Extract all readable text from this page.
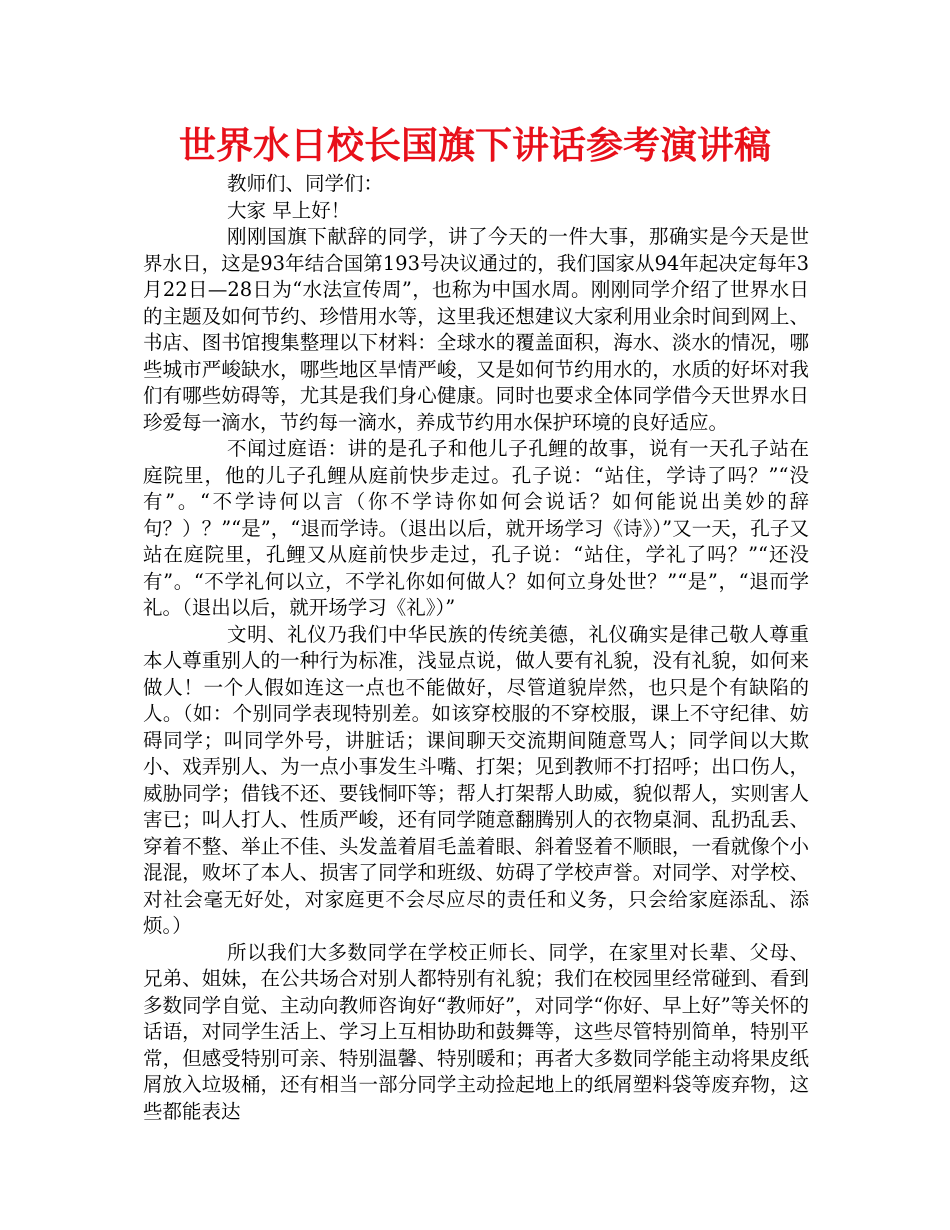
世界水日校长国旗下讲话参考演讲稿

教师们、同学们：

大家 早上好！

刚刚国旗下献辞的同学，讲了今天的一件大事，那确实是今天是世界水日，这是93年结合国第193号决议通过的，我们国家从94年起决定每年3月22日—28日为“水法宣传周”，也称为中国水周。刚刚同学介绍了世界水日的主题及如何节约、珍惜用水等，这里我还想建议大家利用业余时间到网上、书店、图书馆搜集整理以下材料：全球水的覆盖面积，海水、淡水的情况，哪些城市严峻缺水，哪些地区旱情严峻，又是如何节约用水的，水质的好坏对我们有哪些妨碍等，尤其是我们身心健康。同时也要求全体同学借今天世界水日珍爱每一滴水，节约每一滴水，养成节约用水保护环境的良好适应。

不闻过庭语：讲的是孔子和他儿子孔鲤的故事，说有一天孔子站在庭院里，他的儿子孔鲤从庭前快步走过。孔子说：“站住，学诗了吗？”“没有”。“不学诗何以言（你不学诗你如何会说话？如何能说出美妙的辞句？）？”“是”，“退而学诗。（退出以后，就开场学习《诗》）”又一天，孔子又站在庭院里，孔鲤又从庭前快步走过，孔子说：“站住，学礼了吗？”“还没有”。“不学礼何以立，不学礼你如何做人？如何立身处世？”“是”，“退而学礼。（退出以后，就开场学习《礼》）”

文明、礼仪乃我们中华民族的传统美德，礼仪确实是律己敬人尊重本人尊重别人的一种行为标准，浅显点说，做人要有礼貌，没有礼貌，如何来做人！一个人假如连这一点也不能做好，尽管道貌岸然，也只是个有缺陷的人。（如：个别同学表现特别差。如该穿校服的不穿校服，课上不守纪律、妨碍同学；叫同学外号，讲脏话；课间聊天交流期间随意骂人；同学间以大欺小、戏弄别人、为一点小事发生斗嘴、打架；见到教师不打招呼；出口伤人，威胁同学；借钱不还、要钱恫吓等；帮人打架帮人助威，貌似帮人，实则害人害已；叫人打人、性质严峻，还有同学随意翻腾别人的衣物桌洞、乱扔乱丢、穿着不整、举止不佳、头发盖着眉毛盖着眼、斜着竖着不顺眼，一看就像个小混混，败坏了本人、损害了同学和班级、妨碍了学校声誉。对同学、对学校、对社会毫无好处，对家庭更不会尽应尽的责任和义务，只会给家庭添乱、添烦。）

所以我们大多数同学在学校正师长、同学，在家里对长辈、父母、兄弟、姐妹，在公共场合对别人都特别有礼貌；我们在校园里经常碰到、看到多数同学自觉、主动向教师咨询好“教师好”，对同学“你好、早上好”等关怀的话语，对同学生活上、学习上互相协助和鼓舞等，这些尽管特别简单，特别平常，但感受特别可亲、特别温馨、特别暖和；再者大多数同学能主动将果皮纸屑放入垃圾桶，还有相当一部分同学主动捡起地上的纸屑塑料袋等废弃物，这些都能表达
